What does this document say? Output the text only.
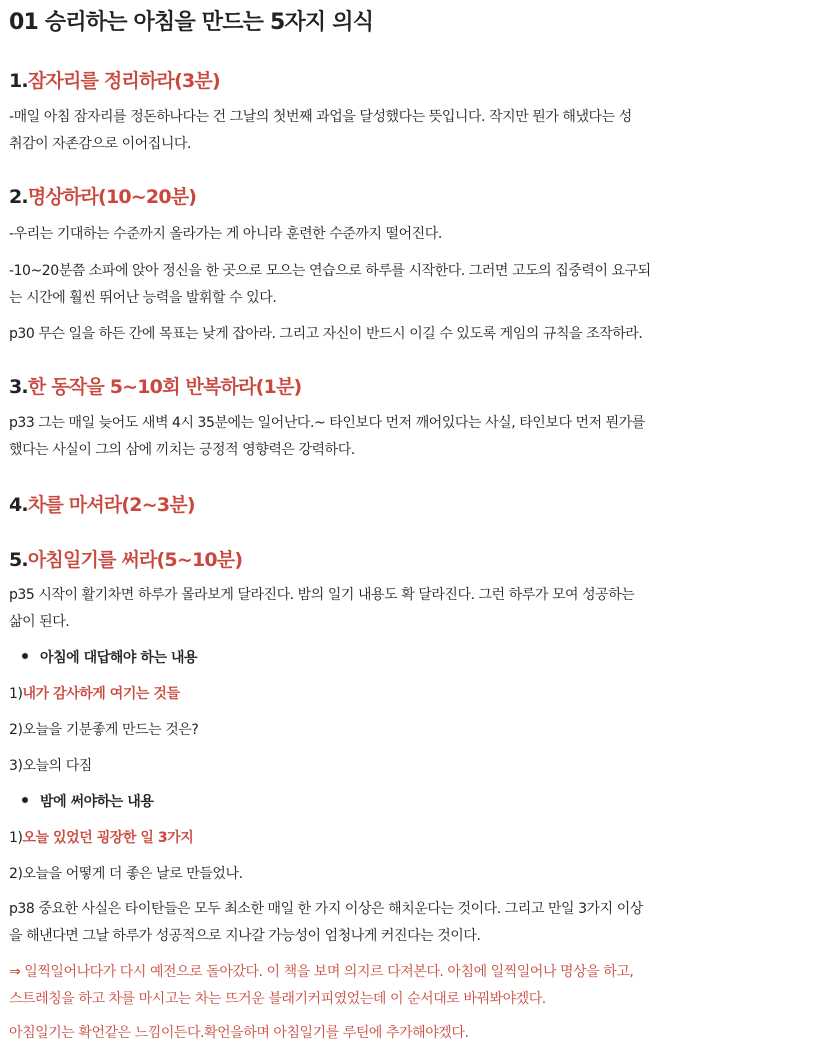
01 승리하는 아침을 만드는 5자지 의식
1.잠자리를 정리하라(3분)
-매일 아침 잠자리를 정돈하나다는 건 그날의 첫번째 과업을 달성했다는 뜻입니다. 작지만 뭔가 해냈다는 성
취감이 자존감으로 이어집니다.
2.명상하라(10~20분)
-우리는 기대하는 수준까지 올라가는 게 아니라 훈련한 수준까지 떨어진다.
-10~20분쯤 소파에 앉아 정신을 한 곳으로 모으는 연습으로 하루를 시작한다. 그러면 고도의 집중력이 요구되
는 시간에 훨씬 뛰어난 능력을 발휘할 수 있다.
p30 무슨 일을 하든 간에 목표는 낮게 잡아라. 그리고 자신이 반드시 이길 수 있도록 게임의 규칙을 조작하라.
3.한 동작을 5~10회 반복하라(1분)
p33 그는 매일 늦어도 새벽 4시 35분에는 일어난다.~ 타인보다 먼저 깨어있다는 사실, 타인보다 먼저 뭔가를
했다는 사실이 그의 삼에 끼치는 긍정적 영향력은 강력하다.
4.차를 마셔라(2~3분)
5.아침일기를 써라(5~10분)
p35 시작이 활기차면 하루가 몰라보게 달라진다. 밤의 일기 내용도 확 달라진다. 그런 하루가 모여 성공하는
삶이 된다.
아침에 대답해야 하는 내용
1)내가 감사하게 여기는 것들
2)오늘을 기분좋게 만드는 것은?
3)오늘의 다짐
밤에 써야하는 내용
1)오늘 있었던 굉장한 일 3가지
2)오늘을 어떻게 더 좋은 날로 만들었나.
p38 중요한 사실은 타이탄들은 모두 최소한 매일 한 가지 이상은 해치운다는 것이다. 그리고 만일 3가지 이상
을 해낸다면 그날 하루가 성공적으로 지나갈 가능성이 엄청나게 커진다는 것이다.
⇒ 일찍일어나다가 다시 예전으로 돌아갔다. 이 책을 보며 의지르 다져본다. 아침에 일찍일어나 명상을 하고,
스트레칭을 하고 차를 마시고는 차는 뜨거운 블래기커피였었는데 이 순서대로 바꿔봐야겠다.
아침일기는 확언같은 느낌이든다.확언을하며 아침일기를 루틴에 추가해야겠다.
